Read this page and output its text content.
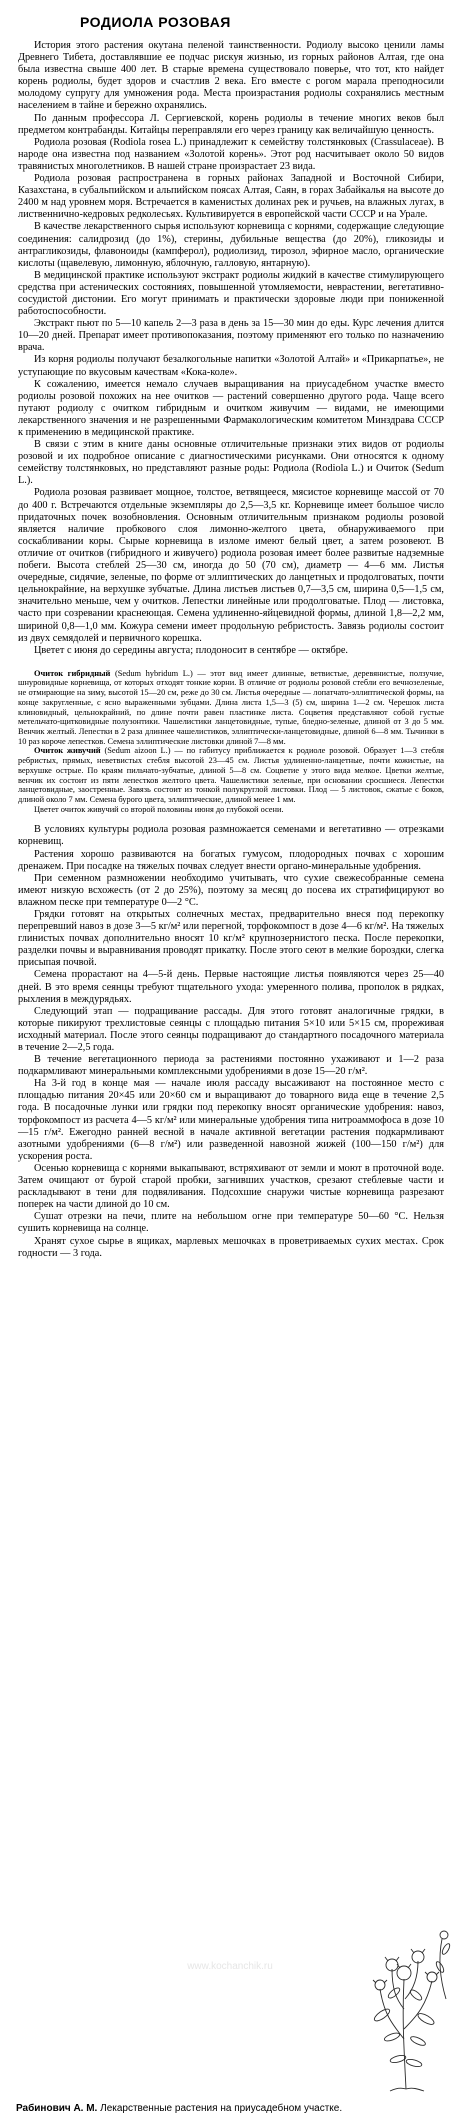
РОДИОЛА РОЗОВАЯ

История этого растения окутана пеленой таинственности. Родиолу высоко ценили ламы Древнего Тибета, доставлявшие ее подчас рискуя жизнью, из горных районов Алтая, где она была известна свыше 400 лет. В старые времена существовало поверье, что тот, кто найдет корень родиолы, будет здоров и счастлив 2 века. Его вместе с рогом марала преподносили молодому супругу для умножения рода. Места произрастания родиолы сохранялись местным населением в тайне и бережно охранялись.

По данным профессора Л. Сергиевской, корень родиолы в течение многих веков был предметом контрабанды. Китайцы переправляли его через границу как величайшую ценность.

Родиола розовая (Rodiola rosea L.) принадлежит к семейству толстянковых (Crassulaceae). В народе она известна под названием «Золотой корень». Этот род насчитывает около 50 видов травянистых многолетников. В нашей стране произрастает 23 вида.

Родиола розовая распространена в горных районах Западной и Восточной Сибири, Казахстана, в субальпийском и альпийском поясах Алтая, Саян, в горах Забайкалья на высоте до 2400 м над уровнем моря. Встречается в каменистых долинах рек и ручьев, на влажных лугах, в лиственнично-кедровых редколесьях. Культивируется в европейской части СССР и на Урале.

В качестве лекарственного сырья используют корневища с корнями, содержащие следующие соединения: салидрозид (до 1%), стерины, дубильные вещества (до 20%), гликозиды и антрагликозиды, флавоноиды (кампферол), родиолизид, тирозол, эфирное масло, органические кислоты (щавелевую, лимонную, яблочную, галловую, янтарную).

В медицинской практике используют экстракт родиолы жидкий в качестве стимулирующего средства при астенических состояниях, повышенной утомляемости, неврастении, вегетативно-сосудистой дистонии. Его могут принимать и практически здоровые люди при пониженной работоспособности.

Экстракт пьют по 5—10 капель 2—3 раза в день за 15—30 мин до еды. Курс лечения длится 10—20 дней. Препарат имеет противопоказания, поэтому применяют его только по назначению врача.

Из корня родиолы получают безалкогольные напитки «Золотой Алтай» и «Прикарпатье», не уступающие по вкусовым качествам «Кока-коле».

К сожалению, имеется немало случаев выращивания на приусадебном участке вместо родиолы розовой похожих на нее очитков — растений совершенно другого рода. Чаще всего путают родиолу с очитком гибридным и очитком живучим — видами, не имеющими лекарственного значения и не разрешенными Фармакологическим комитетом Минздрава СССР к применению в медицинской практике.

В связи с этим в книге даны основные отличительные признаки этих видов от родиолы розовой и их подробное описание с диагностическими рисунками. Они относятся к одному семейству толстянковых, но представляют разные роды: Родиола (Rodiola L.) и Очиток (Sedum L.).

Родиола розовая развивает мощное, толстое, ветвящееся, мясистое корневище массой от 70 до 400 г. Встречаются отдельные экземпляры до 2,5—3,5 кг. Корневище имеет большое число придаточных почек возобновления. Основным отличительным признаком родиолы розовой является наличие пробкового слоя лимонно-желтого цвета, обнаруживаемого при соскабливании коры. Сырые корневища в изломе имеют белый цвет, а затем розовеют. В отличие от очитков (гибридного и живучего) родиола розовая имеет более развитые надземные побеги. Высота стеблей 25—30 см, иногда до 50 (70 см), диаметр — 4—6 мм. Листья очередные, сидячие, зеленые, по форме от эллиптических до ланцетных и продолговатых, почти цельнокрайние, на верхушке зубчатые. Длина листьев листьев 0,7—3,5 см, ширина 0,5—1,5 см, значительно меньше, чем у очитков. Лепестки линейные или продолговатые. Плод — листовка, часто при созревании краснеющая. Семена удлиненно-яйцевидной формы, длиной 1,8—2,2 мм, шириной 0,8—1,0 мм. Кожура семени имеет продольную ребристость. Завязь родиолы состоит из двух семядолей и первичного корешка.

Цветет с июня до середины августа; плодоносит в сентябре — октябре.

Очиток гибридный (Sedum hybridum L.) — этот вид имеет длинные, ветвистые, деревянистые, ползучие, шнуровидные корневища, от которых отходят тонкие корни. В отличие от родиолы розовой стебли его вечнозеленые, не отмирающие на зиму, высотой 15—20 см, реже до 30 см. Листья очередные — лопатчато-эллиптической формы, на конце закругленные, с ясно выраженными зубцами. Длина листа 1,5—3 (5) см, ширина 1—2 см. Черешок листа клиновидный, цельнокрайний, по длине почти равен пластинке листа. Соцветия представляют собой густые метельчато-щитковидные полузонтики. Чашелистики ланцетовидные, тупые, бледно-зеленые, длиной от 3 до 5 мм. Венчик желтый. Лепестки в 2 раза длиннее чашелистиков, эллиптически-ланцетовидные, длиной 6—8 мм. Тычинки в 10 раз короче лепестков. Семена эллиптические листовки длиной 7—8 мм.

Очиток живучий (Sedum aizoon L.) — по габитусу приближается к родиоле розовой. Образует 1—3 стебля ребристых, прямых, неветвистых стебля высотой 23—45 см. Листья удлиненно-ланцетные, почти кожистые, на верхушке острые. По краям пильчато-зубчатые, длиной 5—8 см. Соцветие у этого вида мелкое. Цветки желтые, венчик их состоит из пяти лепестков желтого цвета. Чашелистики зеленые, при основании сросшиеся. Лепестки ланцетовидные, заостренные. Завязь состоит из тонкой полукруглой листовки. Плод — 5 листовок, сжатые с боков, длиной около 7 мм. Семена бурого цвета, эллиптические, длиной менее 1 мм.

Цветет очиток живучий со второй половины июня до глубокой осени.

В условиях культуры родиола розовая размножается семенами и вегетативно — отрезками корневищ.

Растения хорошо развиваются на богатых гумусом, плодородных почвах с хорошим дренажем. При посадке на тяжелых почвах следует внести органо-минеральные удобрения.

При семенном размножении необходимо учитывать, что сухие свежесобранные семена имеют низкую всхожесть (от 2 до 25%), поэтому за месяц до посева их стратифицируют во влажном песке при температуре 0—2 °С.

Грядки готовят на открытых солнечных местах, предварительно внеся под перекопку перепревший навоз в дозе 3—5 кг/м² или перегной, торфокомпост в дозе 4—6 кг/м². На тяжелых глинистых почвах дополнительно вносят 10 кг/м² крупнозернистого песка. После перекопки, разделки почвы и выравнивания проводят прикатку. После этого сеют в мелкие бороздки, слегка присыпая почвой.

Семена прорастают на 4—5-й день. Первые настоящие листья появляются через 25—40 дней. В это время сеянцы требуют тщательного ухода: умеренного полива, прополок в рядках, рыхления в междурядьях.

Следующий этап — подращивание рассады. Для этого готовят аналогичные грядки, в которые пикируют трехлистовые сеянцы с площадью питания 5×10 или 5×15 см, прореживая исходный материал. После этого сеянцы подращивают до стандартного посадочного материала в течение 2—2,5 года.

В течение вегетационного периода за растениями постоянно ухаживают и 1—2 раза подкармливают минеральными комплексными удобрениями в дозе 15—20 г/м².

На 3-й год в конце мая — начале июля рассаду высаживают на постоянное место с площадью питания 20×45 или 20×60 см и выращивают до товарного вида еще в течение 2,5 года. В посадочные лунки или грядки под перекопку вносят органические удобрения: навоз, торфокомпост из расчета 4—5 кг/м² или минеральные удобрения типа нитроаммофоса в дозе 10—15 г/м². Ежегодно ранней весной в начале активной вегетации растения подкармливают азотными удобрениями (6—8 г/м²) или разведенной навозной жижей (100—150 г/м²) для ускорения роста.

Осенью корневища с корнями выкапывают, встряхивают от земли и моют в проточной воде. Затем очищают от бурой старой пробки, загнивших участков, срезают стеблевые части и раскладывают в тени для подвяливания. Подсохшие снаружи чистые корневища разрезают поперек на части длиной до 10 см.

Сушат отрезки на печи, плите на небольшом огне при температуре 50—60 °С. Нельзя сушить корневища на солнце.

Хранят сухое сырье в ящиках, марлевых мешочках в проветриваемых сухих местах. Срок годности — 3 года.

www.kochanchik.ru
Рабинович А. М. Лекарственные растения на приусадебном участке.
